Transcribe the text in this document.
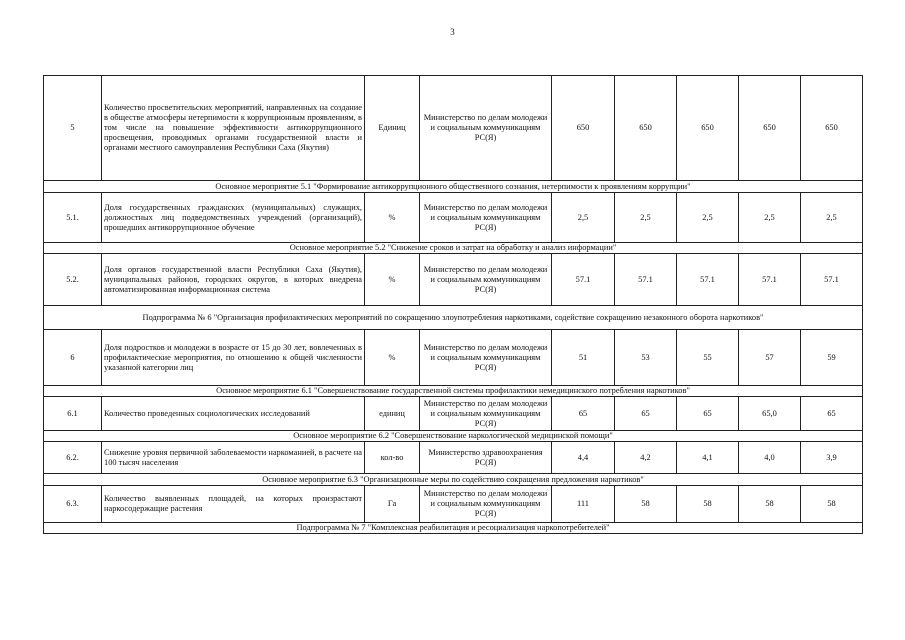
3
5	Количество просветительских мероприятий, направленных на создание в обществе атмосферы нетерпимости к коррупционным проявлениям, в том числе на повышение эффективности антикоррупционного просвещения, проводимых органами государственной власти и органами местного самоуправления Республики Саха (Якутия)	Единиц	Министерство по делам молодежи и социальным коммуникациям РС(Я)	650	650	650	650	650
Основное мероприятие 5.1 "Формирование антикоррупционного общественного сознания, нетерпимости к проявлениям коррупции"								
5.1.	Доля государственных гражданских (муниципальных) служащих, должностных лиц подведомственных учреждений (организаций), прошедших антикоррупционное обучение	%	Министерство по делам молодежи и социальным коммуникациям РС(Я)	2,5	2,5	2,5	2,5	2,5
Основное мероприятие 5.2 "Снижение сроков и затрат на обработку и анализ информации"								
5.2.	Доля органов государственной власти Республики Саха (Якутия), муниципальных районов, городских округов, в которых внедрена автоматизированная информационная система	%	Министерство по делам молодежи и социальным коммуникациям РС(Я)	57.1	57.1	57.1	57.1	57.1
Подпрограмма № 6 "Организация профилактических мероприятий по сокращению злоупотребления наркотиками, содействие сокращению незаконного оборота наркотиков"								
6	Доля подростков и молодежи в возрасте от 15 до 30 лет, вовлеченных в профилактические мероприятия, по отношению к общей численности указанной категории лиц	%	Министерство по делам молодежи и социальным коммуникациям РС(Я)	51	53	55	57	59
Основное мероприятие 6.1 "Совершенствование государственной системы профилактики немедицинского потребления наркотиков"								
6.1	Количество проведенных социологических исследований	единиц	Министерство по делам молодежи и социальным коммуникациям РС(Я)	65	65	65	65,0	65
Основное мероприятие 6.2 "Совершенствование наркологической медицинской помощи"								
6.2.	Снижение уровня первичной заболеваемости наркоманией, в расчете на 100 тысяч населения	кол-во	Министерство здравоохранения РС(Я)	4,4	4,2	4,1	4,0	3,9
Основное мероприятие 6.3 "Организационные меры по содействию сокращения предложения наркотиков"								
6.3.	Количество выявленных площадей, на которых произрастают наркосодержащие растения	Га	Министерство по делам молодежи и социальным коммуникациям РС(Я)	111	58	58	58	58
Подпрограмма № 7 "Комплексная реабилитация и ресоциализация наркопотребителей"								
